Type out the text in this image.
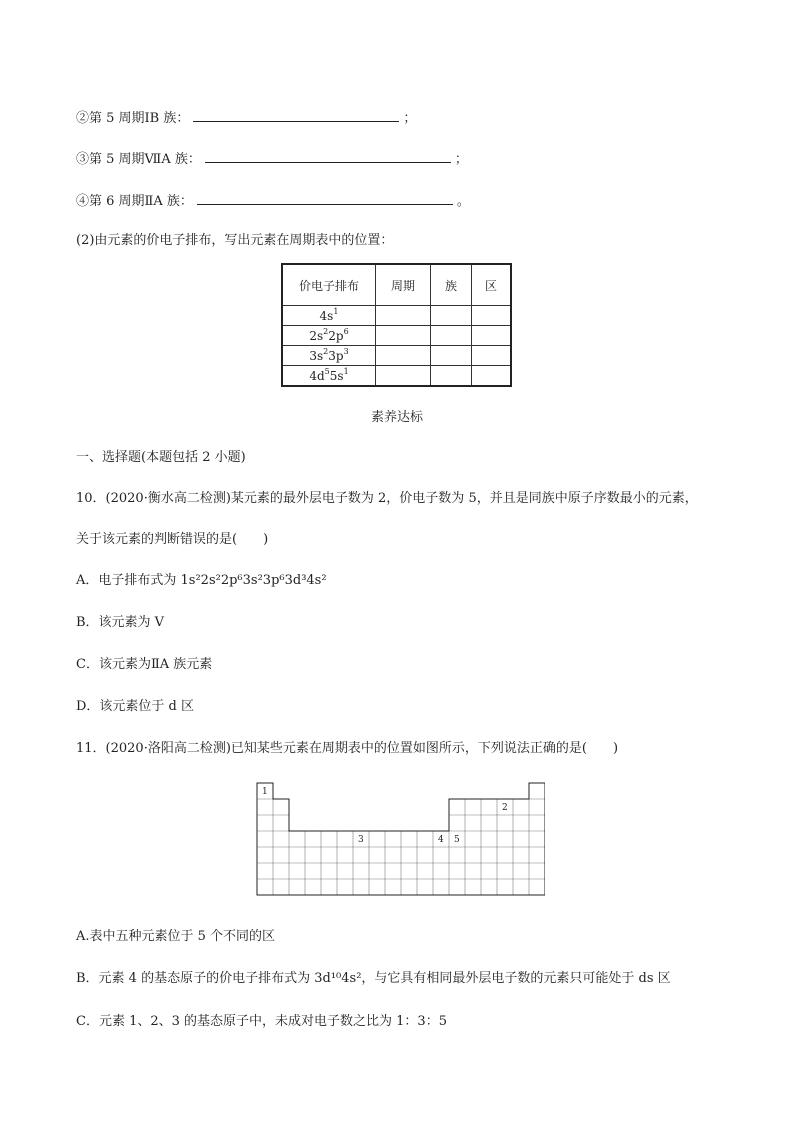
②第 5 周期ⅠB 族：	；
③第 5 周期ⅦA 族：	；
④第 6 周期ⅡA 族：	。
(2)由元素的价电子排布，写出元素在周期表中的位置：
价电子排布	周期	族	区
$4s^1$			
$2s^22p^6$			
$3s^23p^3$			
$4d^55s^1$			
素养达标
一、选择题(本题包括 2 小题)
10．(2020·衡水高二检测)某元素的最外层电子数为 2，价电子数为 5，并且是同族中原子序数最小的元素，
关于该元素的判断错误的是(　　)
A．电子排布式为 1s²2s²2p⁶3s²3p⁶3d³4s²
B．该元素为 V
C．该元素为ⅡA 族元素
D．该元素位于 d 区
11．(2020·洛阳高二检测)已知某些元素在周期表中的位置如图所示，下列说法正确的是(　　)
1
2
3	4 5
A.表中五种元素位于 5 个不同的区
B．元素 4 的基态原子的价电子排布式为 3d¹⁰4s²，与它具有相同最外层电子数的元素只可能处于 ds 区
C．元素 1、2、3 的基态原子中，未成对电子数之比为 1：3：5
